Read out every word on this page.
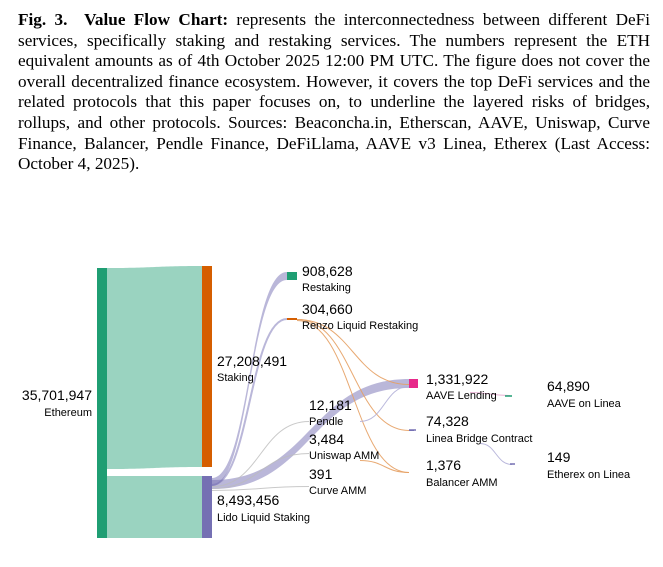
Fig. 3. Value Flow Chart: represents the interconnectedness between different DeFi services, specifically staking and restaking services. The numbers represent the ETH equivalent amounts as of 4th October 2025 12:00 PM UTC. The figure does not cover the overall decentralized finance ecosystem. However, it covers the top DeFi services and the related protocols that this paper focuses on, to underline the layered risks of bridges, rollups, and other protocols. Sources: Beaconcha.in, Etherscan, AAVE, Uniswap, Curve Finance, Balancer, Pendle Finance, DeFiLlama, AAVE v3 Linea, Etherex (Last Access: October 4, 2025).
35,701,947
Ethereum
27,208,491
Staking
8,493,456
Lido Liquid Staking
908,628
Restaking
304,660
Renzo Liquid Restaking
12,181
Pendle
3,484
Uniswap AMM
391
Curve AMM
1,331,922
AAVE Lending
74,328
Linea Bridge Contract
1,376
Balancer AMM
64,890
AAVE on Linea
149
Etherex on Linea
